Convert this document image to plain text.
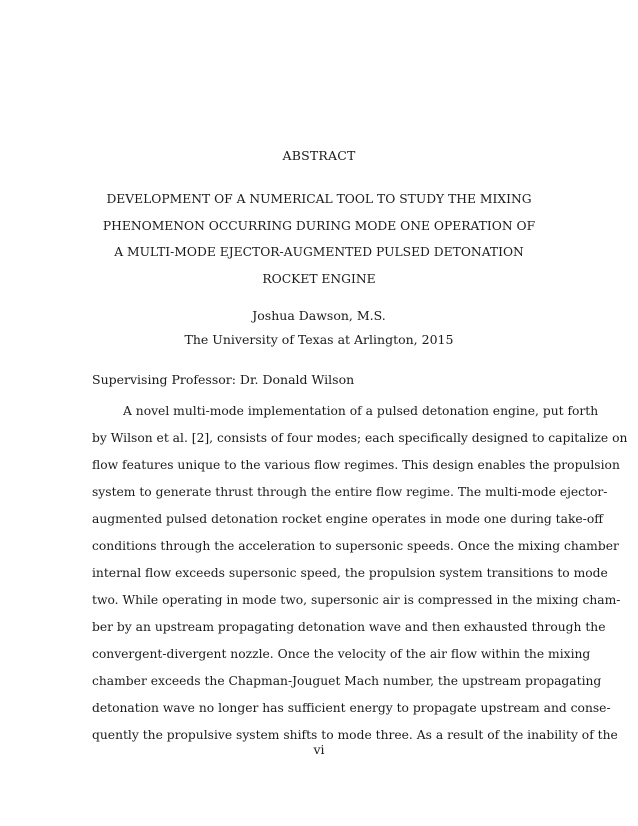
ABSTRACT
DEVELOPMENT OF A NUMERICAL TOOL TO STUDY THE MIXING
PHENOMENON OCCURRING DURING MODE ONE OPERATION OF
A MULTI-MODE EJECTOR-AUGMENTED PULSED DETONATION
ROCKET ENGINE
Joshua Dawson, M.S.
The University of Texas at Arlington, 2015
Supervising Professor: Dr. Donald Wilson
A novel multi-mode implementation of a pulsed detonation engine, put forth
by Wilson et al. [2], consists of four modes; each specifically designed to capitalize on
flow features unique to the various flow regimes. This design enables the propulsion
system to generate thrust through the entire flow regime. The multi-mode ejector-
augmented pulsed detonation rocket engine operates in mode one during take-off
conditions through the acceleration to supersonic speeds. Once the mixing chamber
internal flow exceeds supersonic speed, the propulsion system transitions to mode
two. While operating in mode two, supersonic air is compressed in the mixing cham-
ber by an upstream propagating detonation wave and then exhausted through the
convergent-divergent nozzle. Once the velocity of the air flow within the mixing
chamber exceeds the Chapman-Jouguet Mach number, the upstream propagating
detonation wave no longer has sufficient energy to propagate upstream and conse-
quently the propulsive system shifts to mode three. As a result of the inability of the
vi
